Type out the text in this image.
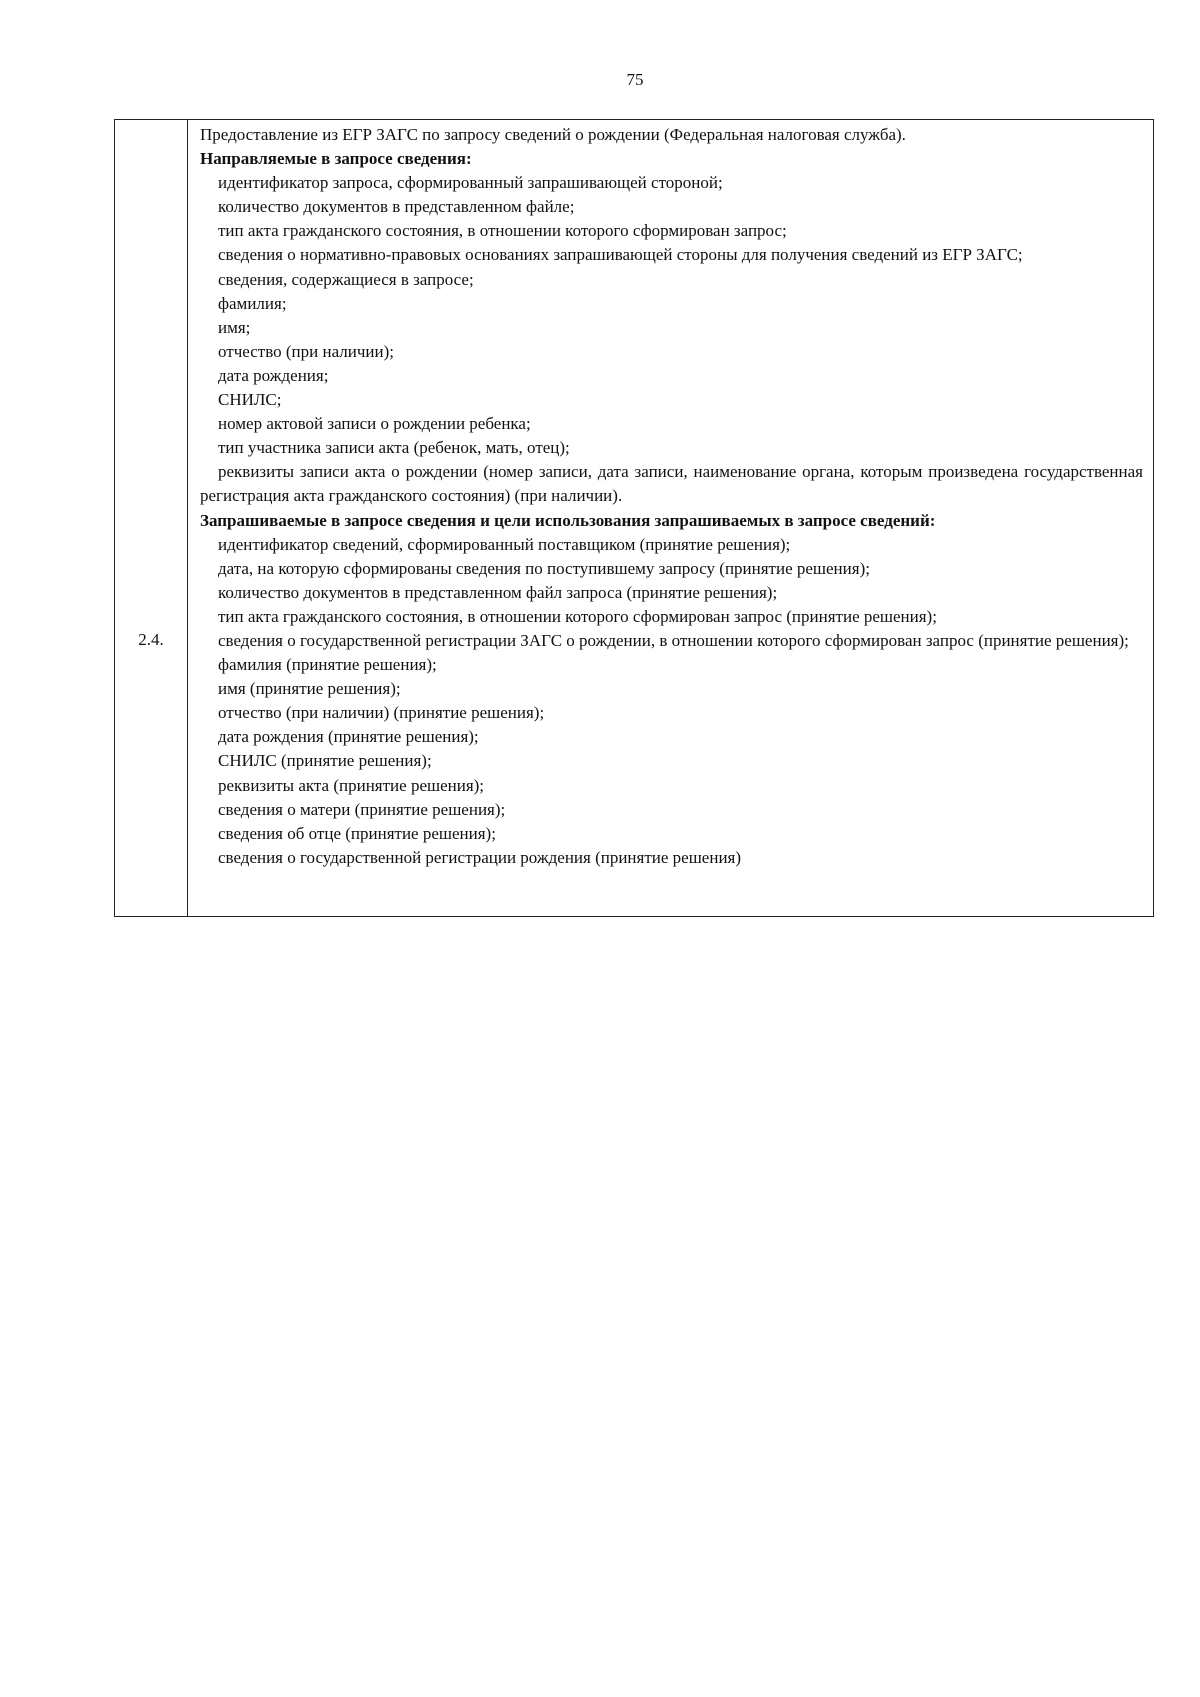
75
2.4.

Предоставление из ЕГР ЗАГС по запросу сведений о рождении (Федеральная налоговая служба).

Направляемые в запросе сведения:

идентификатор запроса, сформированный запрашивающей стороной;

количество документов в представленном файле;

тип акта гражданского состояния, в отношении которого сформирован запрос;

сведения о нормативно-правовых основаниях запрашивающей стороны для получения сведений из ЕГР ЗАГС;

сведения, содержащиеся в запросе;

фамилия;

имя;

отчество (при наличии);

дата рождения;

СНИЛС;

номер актовой записи о рождении ребенка;

тип участника записи акта (ребенок, мать, отец);

реквизиты записи акта о рождении (номер записи, дата записи, наименование органа, которым произведена государственная регистрация акта гражданского состояния) (при наличии).

Запрашиваемые в запросе сведения и цели использования запрашиваемых в запросе сведений:

идентификатор сведений, сформированный поставщиком (принятие решения);

дата, на которую сформированы сведения по поступившему запросу (принятие решения);

количество документов в представленном файл запроса (принятие решения);

тип акта гражданского состояния, в отношении которого сформирован запрос (принятие решения);

сведения о государственной регистрации ЗАГС о рождении, в отношении которого сформирован запрос (принятие решения);

фамилия (принятие решения);

имя (принятие решения);

отчество (при наличии) (принятие решения);

дата рождения (принятие решения);

СНИЛС (принятие решения);

реквизиты акта (принятие решения);

сведения о матери (принятие решения);

сведения об отце (принятие решения);

сведения о государственной регистрации рождения (принятие решения)
